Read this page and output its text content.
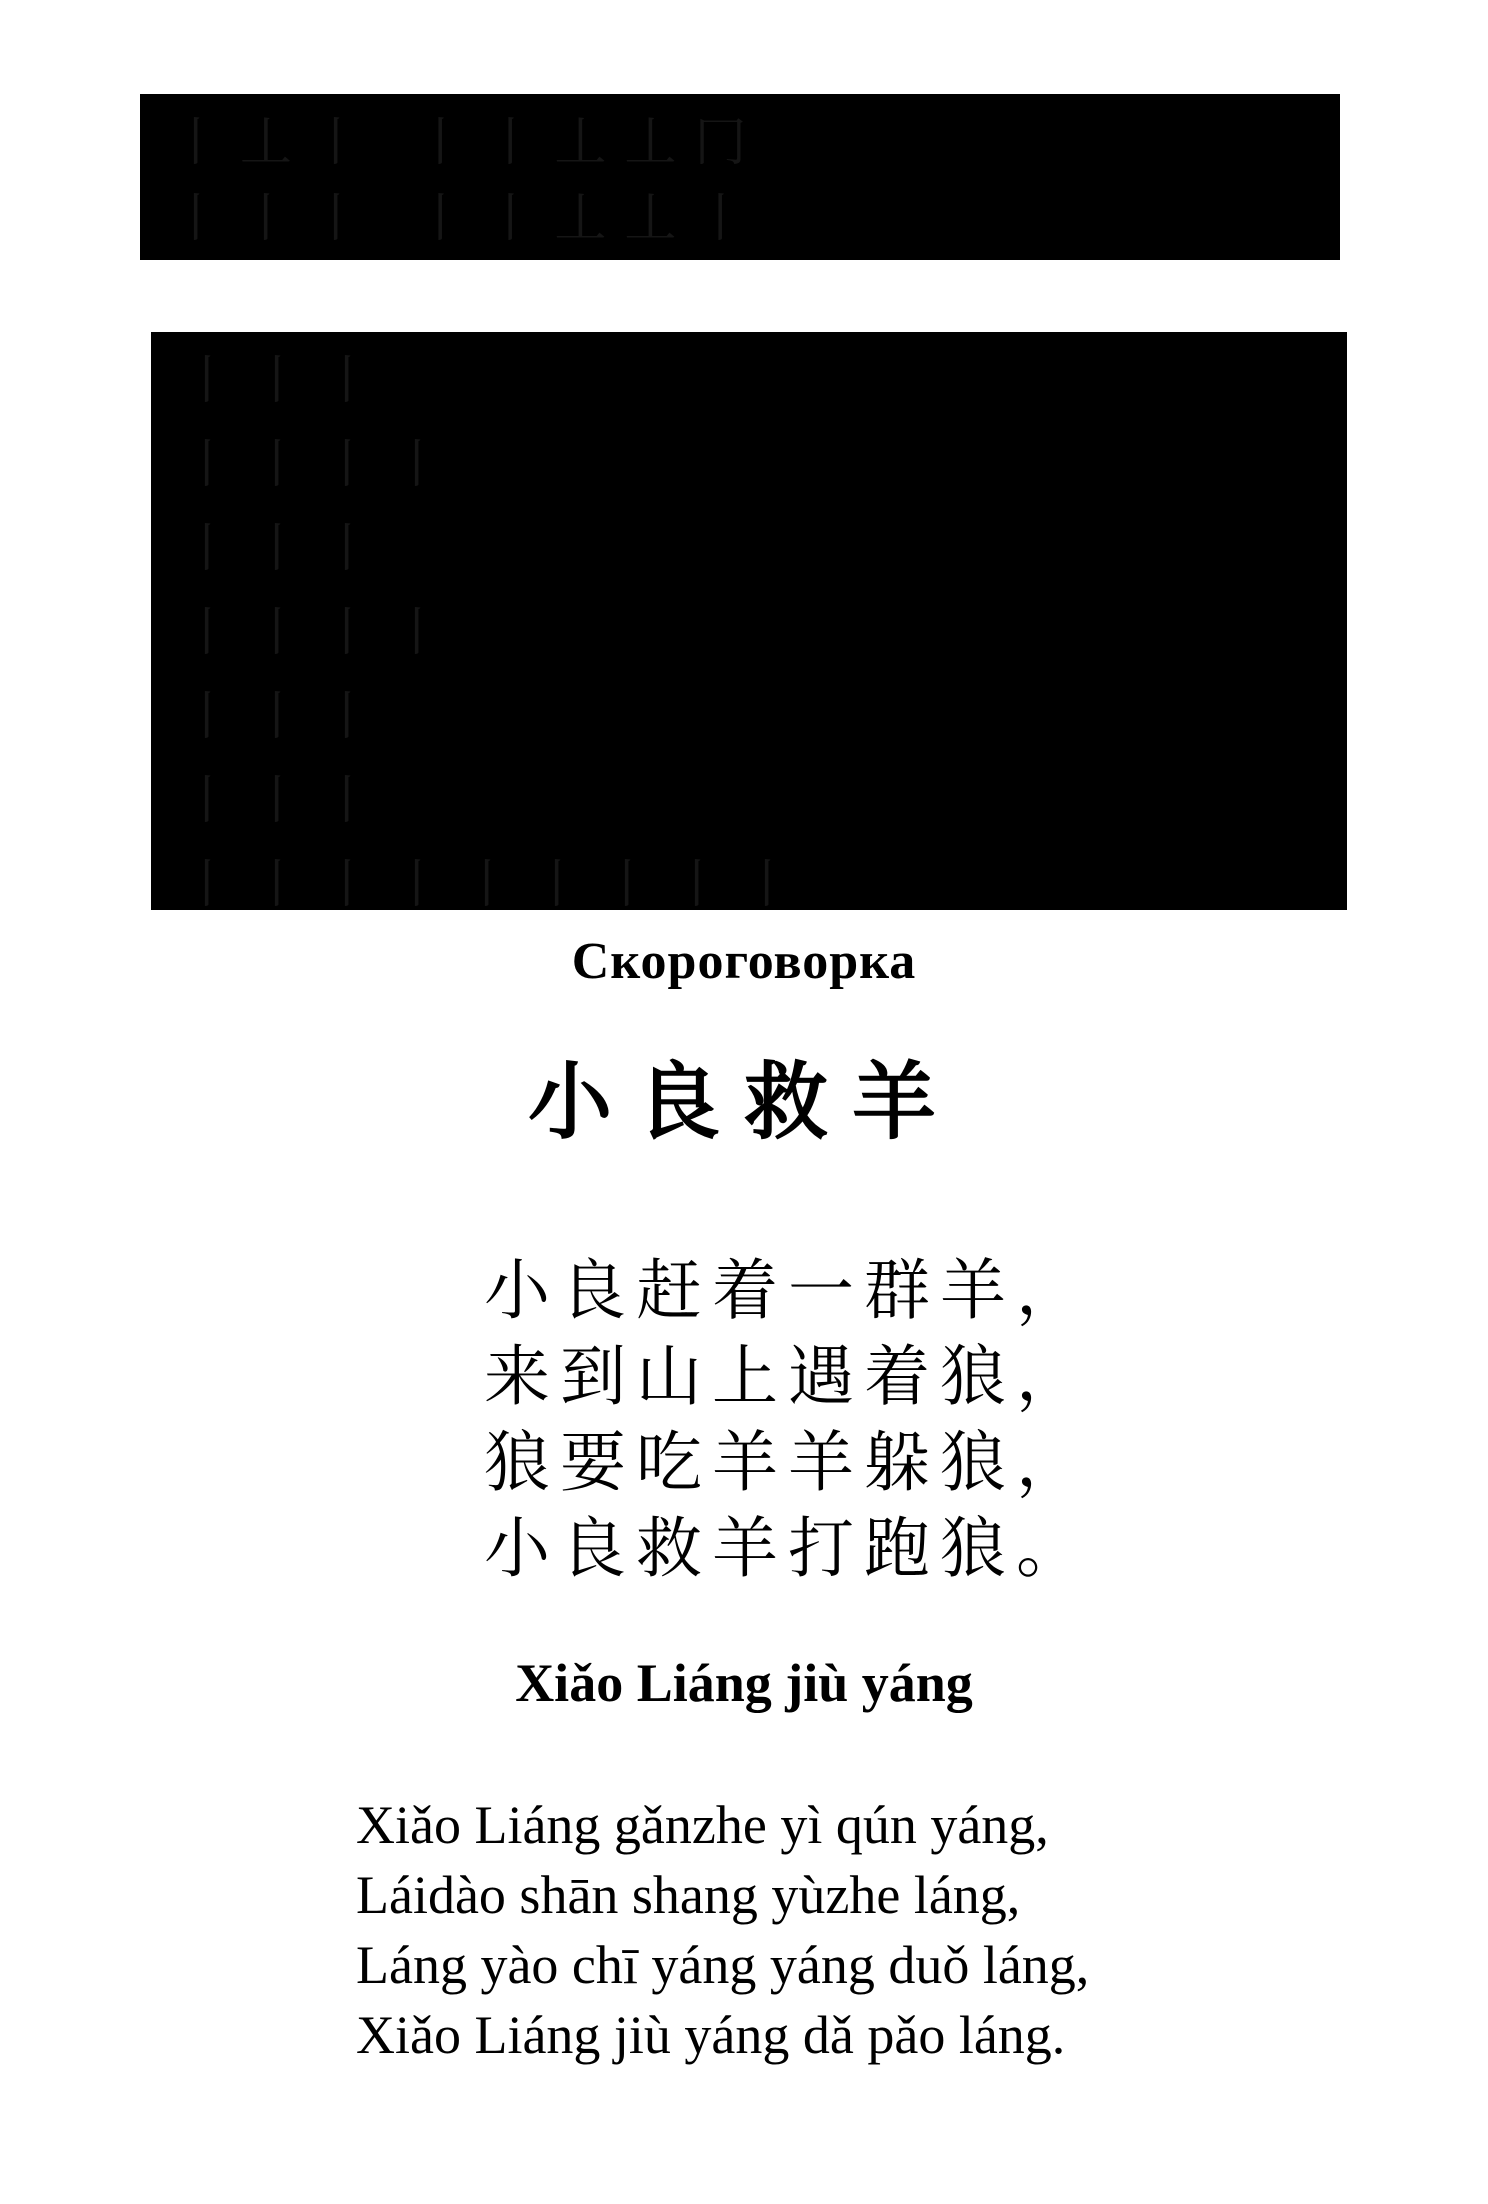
丨丄丨 丨丨丄丄冂
丨丨丨 丨丨丄丄丨
丨丨丨
丨丨丨丨
丨丨丨
丨丨丨丨
丨丨丨
丨丨丨
丨丨丨丨丨丨丨丨丨
Скороговорка
小良救羊
小良赶着一群羊，
来到山上遇着狼，
狼要吃羊羊躲狼，
小良救羊打跑狼。
Xiǎo Liáng jiù yáng
Xiǎo Liáng gǎnzhe yì qún yáng,
Láidào shān shang yùzhe láng,
Láng yào chī yáng yáng duǒ láng,
Xiǎo Liáng jiù yáng dǎ pǎo láng.
